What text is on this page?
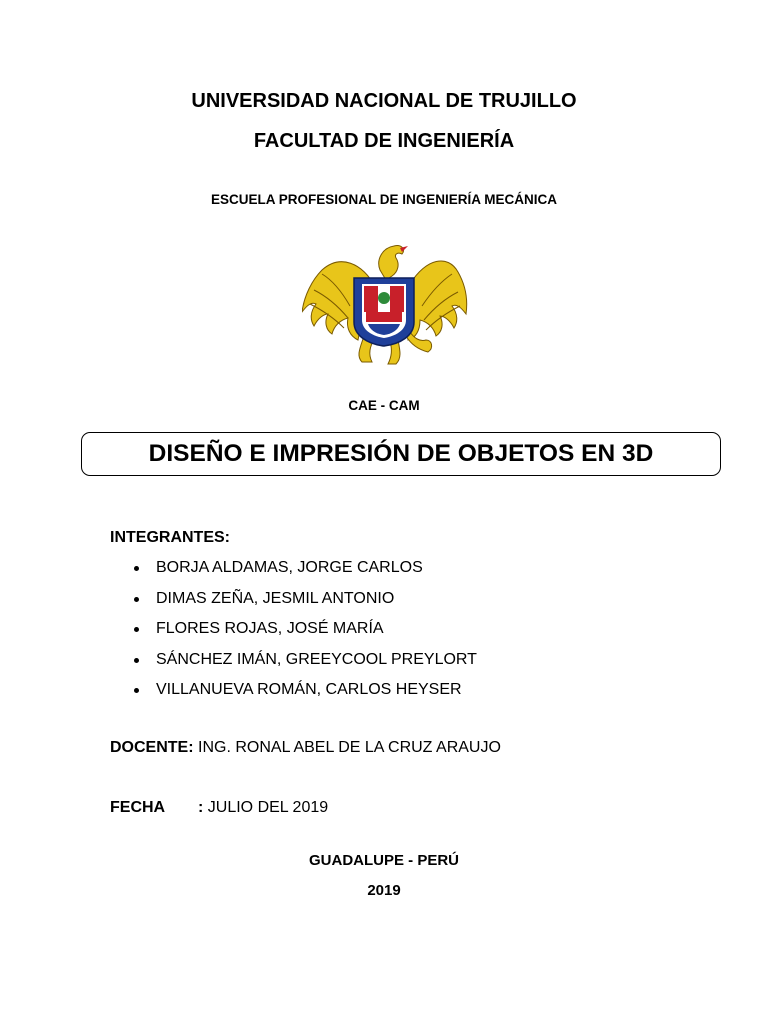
UNIVERSIDAD NACIONAL DE TRUJILLO
FACULTAD DE INGENIERÍA
ESCUELA PROFESIONAL DE INGENIERÍA MECÁNICA
CAE - CAM
DISEÑO E IMPRESIÓN DE OBJETOS EN 3D
INTEGRANTES:
BORJA ALDAMAS, JORGE CARLOS
DIMAS ZEÑA, JESMIL ANTONIO
FLORES ROJAS, JOSÉ MARÍA
SÁNCHEZ IMÁN, GREEYCOOL PREYLORT
VILLANUEVA ROMÁN, CARLOS HEYSER
DOCENTE: ING. RONAL ABEL DE LA CRUZ ARAUJO
FECHA : JULIO DEL 2019
GUADALUPE - PERÚ
2019
